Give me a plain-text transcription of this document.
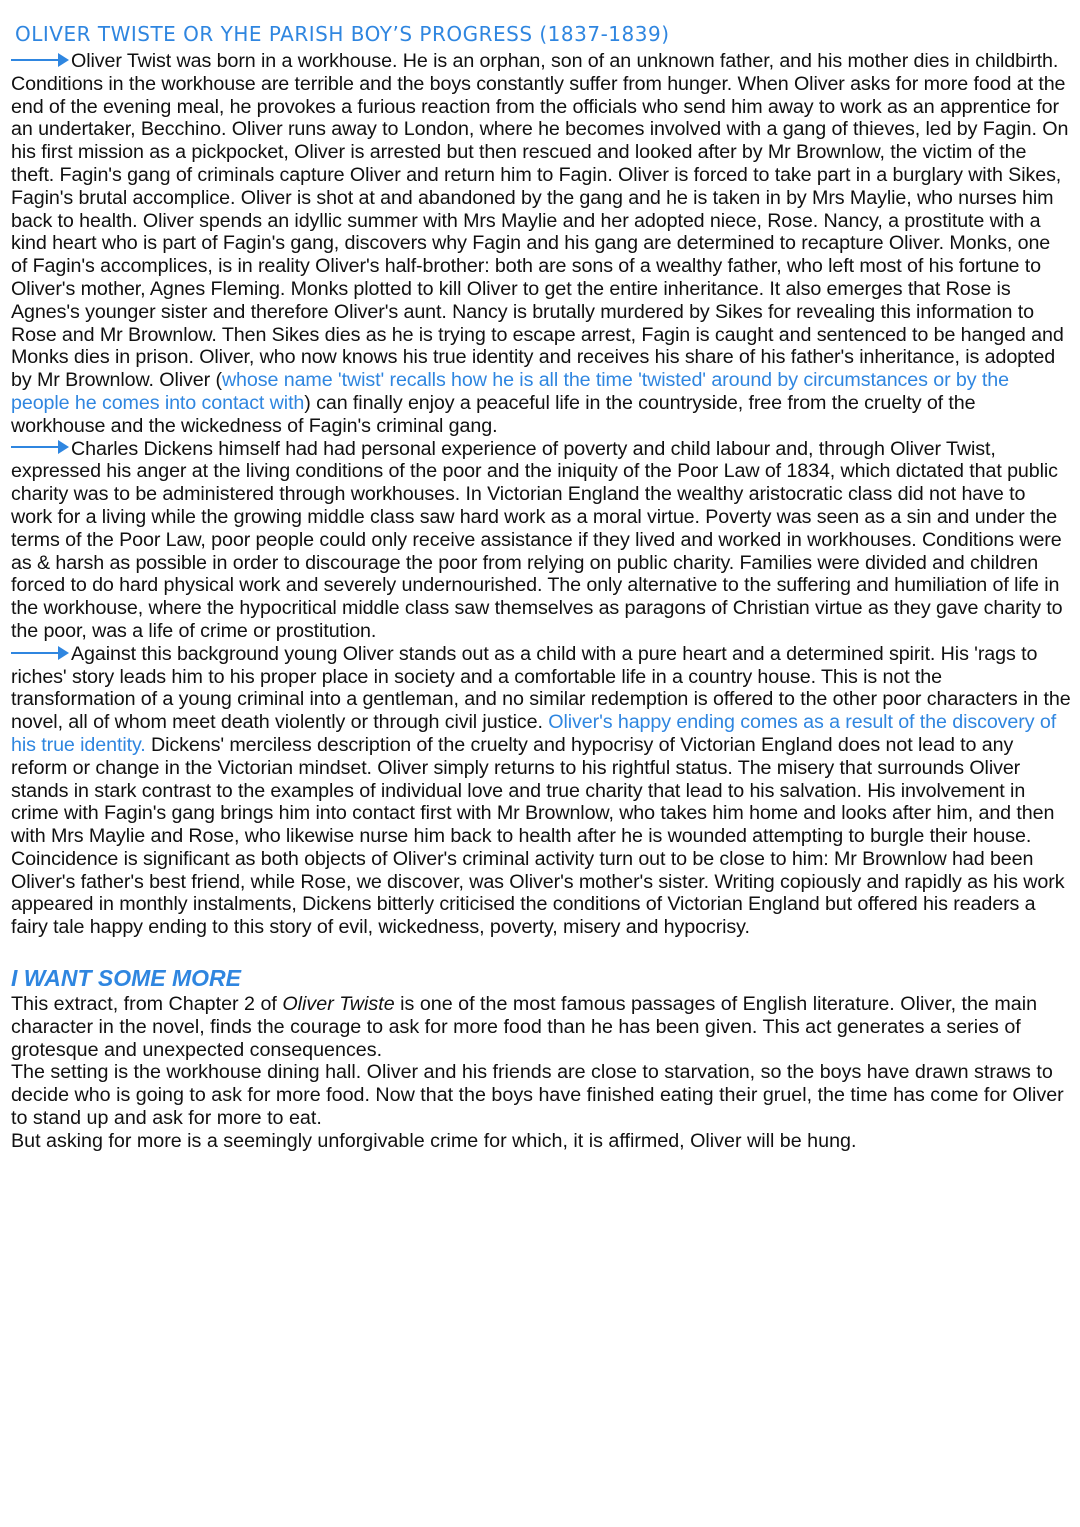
OLIVER TWISTE OR YHE PARISH BOY’S PROGRESS (1837-1839)

Oliver Twist was born in a workhouse. He is an orphan, son of an unknown father, and his mother dies in childbirth. Conditions in the workhouse are terrible and the boys constantly suffer from hunger. When Oliver asks for more food at the end of the evening meal, he provokes a furious reaction from the officials who send him away to work as an apprentice for an undertaker, Becchino. Oliver runs away to London, where he becomes involved with a gang of thieves, led by Fagin. On his first mission as a pickpocket, Oliver is arrested but then rescued and looked after by Mr Brownlow, the victim of the theft. Fagin's gang of criminals capture Oliver and return him to Fagin. Oliver is forced to take part in a burglary with Sikes, Fagin's brutal accomplice. Oliver is shot at and abandoned by the gang and he is taken in by Mrs Maylie, who nurses him back to health. Oliver spends an idyllic summer with Mrs Maylie and her adopted niece, Rose. Nancy, a prostitute with a kind heart who is part of Fagin's gang, discovers why Fagin and his gang are determined to recapture Oliver. Monks, one of Fagin's accomplices, is in reality Oliver's half-brother: both are sons of a wealthy father, who left most of his fortune to Oliver's mother, Agnes Fleming. Monks plotted to kill Oliver to get the entire inheritance. It also emerges that Rose is Agnes's younger sister and therefore Oliver's aunt. Nancy is brutally murdered by Sikes for revealing this information to Rose and Mr Brownlow. Then Sikes dies as he is trying to escape arrest, Fagin is caught and sentenced to be hanged and Monks dies in prison. Oliver, who now knows his true identity and receives his share of his father's inheritance, is adopted by Mr Brownlow. Oliver (whose name 'twist' recalls how he is all the time 'twisted' around by circumstances or by the people he comes into contact with) can finally enjoy a peaceful life in the countryside, free from the cruelty of the workhouse and the wickedness of Fagin's criminal gang.

Charles Dickens himself had had personal experience of poverty and child labour and, through Oliver Twist, expressed his anger at the living conditions of the poor and the iniquity of the Poor Law of 1834, which dictated that public charity was to be administered through workhouses. In Victorian England the wealthy aristocratic class did not have to work for a living while the growing middle class saw hard work as a moral virtue. Poverty was seen as a sin and under the terms of the Poor Law, poor people could only receive assistance if they lived and worked in workhouses. Conditions were as & harsh as possible in order to discourage the poor from relying on public charity. Families were divided and children forced to do hard physical work and severely undernourished. The only alternative to the suffering and humiliation of life in the workhouse, where the hypocritical middle class saw themselves as paragons of Christian virtue as they gave charity to the poor, was a life of crime or prostitution.

Against this background young Oliver stands out as a child with a pure heart and a determined spirit. His 'rags to riches' story leads him to his proper place in society and a comfortable life in a country house. This is not the transformation of a young criminal into a gentleman, and no similar redemption is offered to the other poor characters in the novel, all of whom meet death violently or through civil justice. Oliver's happy ending comes as a result of the discovery of his true identity. Dickens' merciless description of the cruelty and hypocrisy of Victorian England does not lead to any reform or change in the Victorian mindset. Oliver simply returns to his rightful status. The misery that surrounds Oliver stands in stark contrast to the examples of individual love and true charity that lead to his salvation. His involvement in crime with Fagin's gang brings him into contact first with Mr Brownlow, who takes him home and looks after him, and then with Mrs Maylie and Rose, who likewise nurse him back to health after he is wounded attempting to burgle their house. Coincidence is significant as both objects of Oliver's criminal activity turn out to be close to him: Mr Brownlow had been Oliver's father's best friend, while Rose, we discover, was Oliver's mother's sister. Writing copiously and rapidly as his work appeared in monthly instalments, Dickens bitterly criticised the conditions of Victorian England but offered his readers a fairy tale happy ending to this story of evil, wickedness, poverty, misery and hypocrisy.

I WANT SOME MORE
This extract, from Chapter 2 of Oliver Twiste is one of the most famous passages of English literature. Oliver, the main character in the novel, finds the courage to ask for more food than he has been given. This act generates a series of grotesque and unexpected consequences.
The setting is the workhouse dining hall. Oliver and his friends are close to starvation, so the boys have drawn straws to decide who is going to ask for more food. Now that the boys have finished eating their gruel, the time has come for Oliver to stand up and ask for more to eat.
But asking for more is a seemingly unforgivable crime for which, it is affirmed, Oliver will be hung.
